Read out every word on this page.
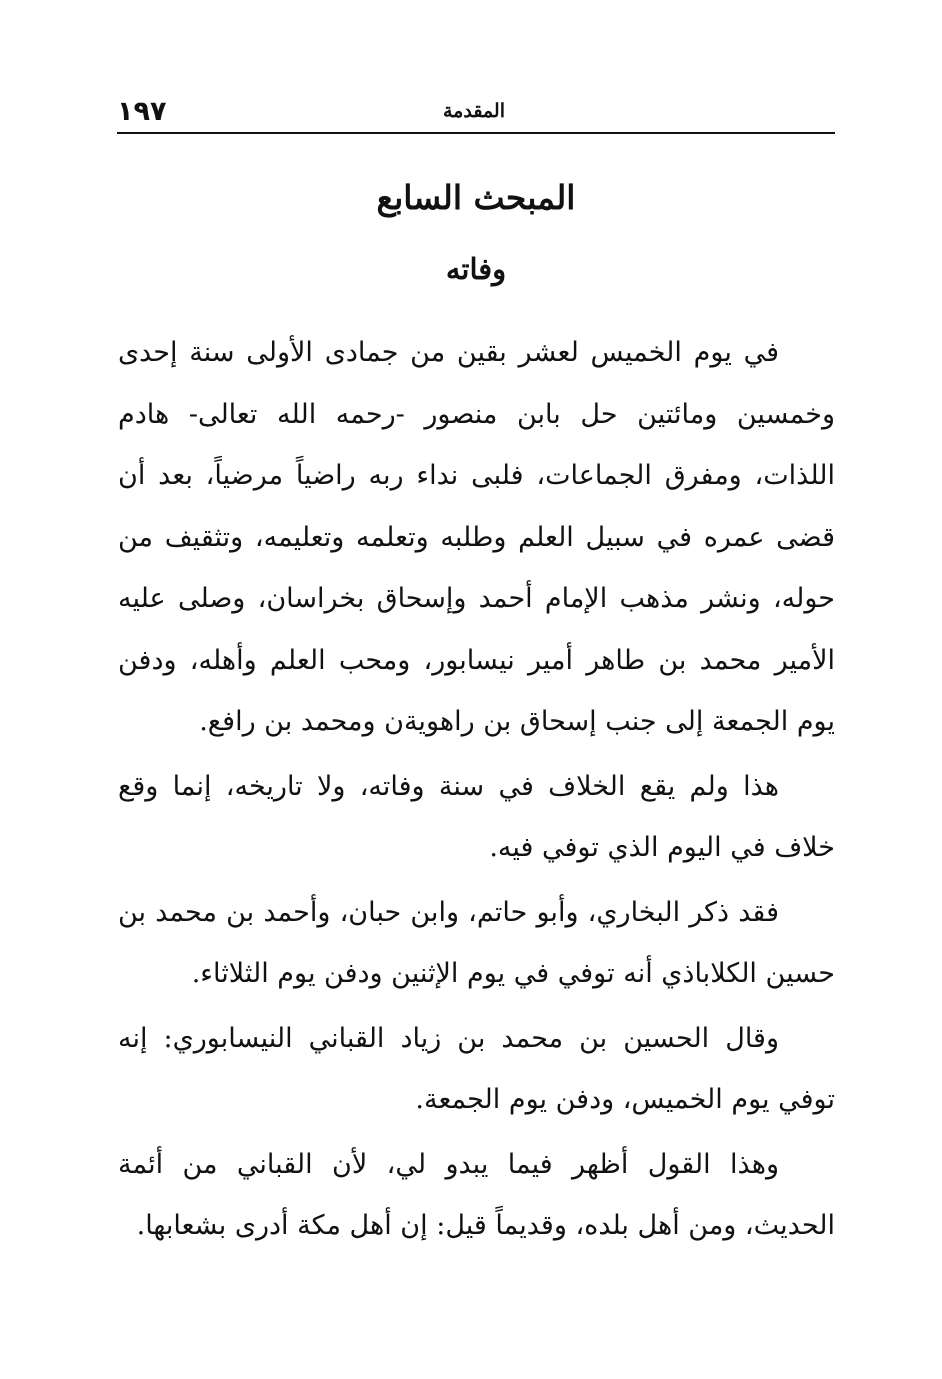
المقدمة
١٩٧
المبحث السابع
وفاته

في يوم الخميس لعشر بقين من جمادى الأولى سنة إحدى وخمسين ومائتين حل بابن منصور -رحمه الله تعالى- هادم اللذات، ومفرق الجماعات، فلبى نداء ربه راضياً مرضياً، بعد أن قضى عمره في سبيل العلم وطلبه وتعلمه وتعليمه، وتثقيف من حوله، ونشر مذهب الإمام أحمد وإسحاق بخراسان، وصلى عليه الأمير محمد بن طاهر أمير نيسابور، ومحب العلم وأهله، ودفن يوم الجمعة إلى جنب إسحاق بن راهويةن ومحمد بن رافع.

هذا ولم يقع الخلاف في سنة وفاته، ولا تاريخه، إنما وقع خلاف في اليوم الذي توفي فيه.

فقد ذكر البخاري، وأبو حاتم، وابن حبان، وأحمد بن محمد بن حسين الكلاباذي أنه توفي في يوم الإثنين ودفن يوم الثلاثاء.

وقال الحسين بن محمد بن زياد القباني النيسابوري: إنه توفي يوم الخميس، ودفن يوم الجمعة.

وهذا القول أظهر فيما يبدو لي، لأن القباني من أئمة الحديث، ومن أهل بلده، وقديماً قيل: إن أهل مكة أدرى بشعابها.
